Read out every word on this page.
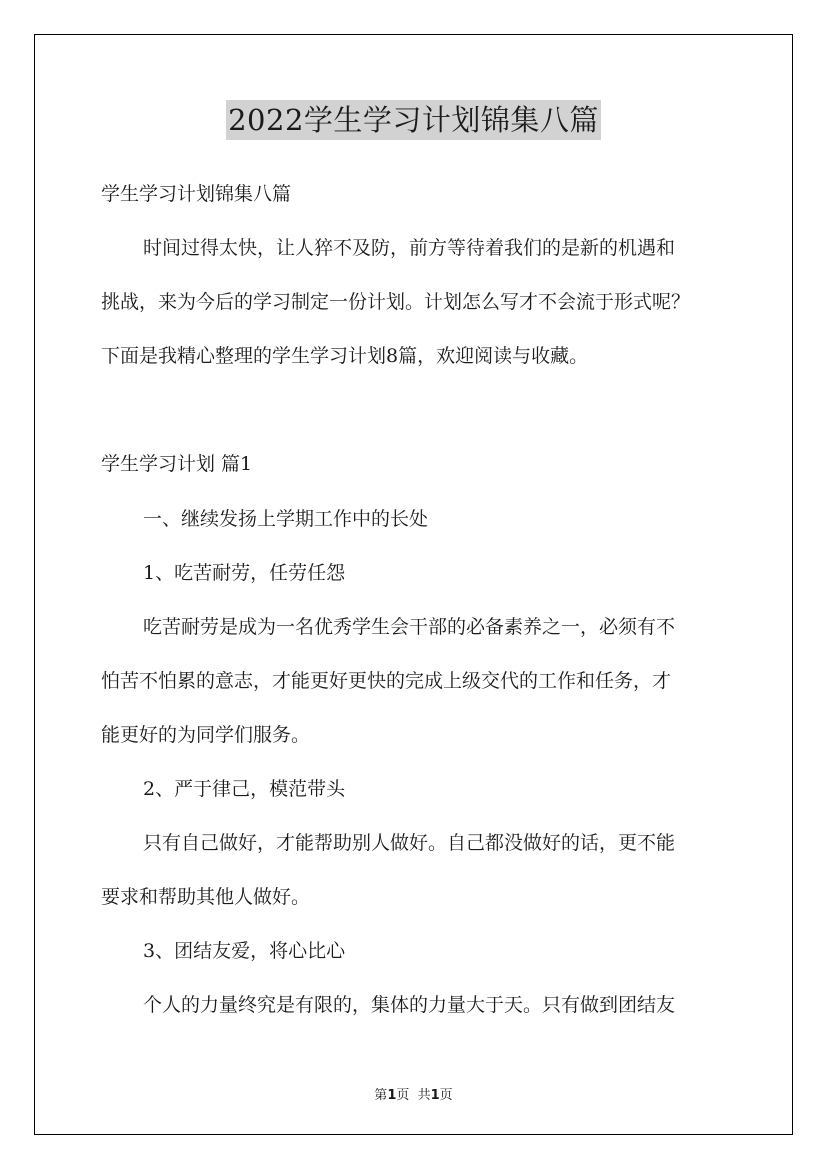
2022学生学习计划锦集八篇
学生学习计划锦集八篇
时间过得太快，让人猝不及防，前方等待着我们的是新的机遇和
挑战，来为今后的学习制定一份计划。计划怎么写才不会流于形式呢？
下面是我精心整理的学生学习计划8篇，欢迎阅读与收藏。
学生学习计划 篇1
一、继续发扬上学期工作中的长处
1、吃苦耐劳，任劳任怨
吃苦耐劳是成为一名优秀学生会干部的必备素养之一，必须有不
怕苦不怕累的意志，才能更好更快的完成上级交代的工作和任务，才
能更好的为同学们服务。
2、严于律己，模范带头
只有自己做好，才能帮助别人做好。自己都没做好的话，更不能
要求和帮助其他人做好。
3、团结友爱，将心比心
个人的力量终究是有限的，集体的力量大于天。只有做到团结友
第1页  共1页
